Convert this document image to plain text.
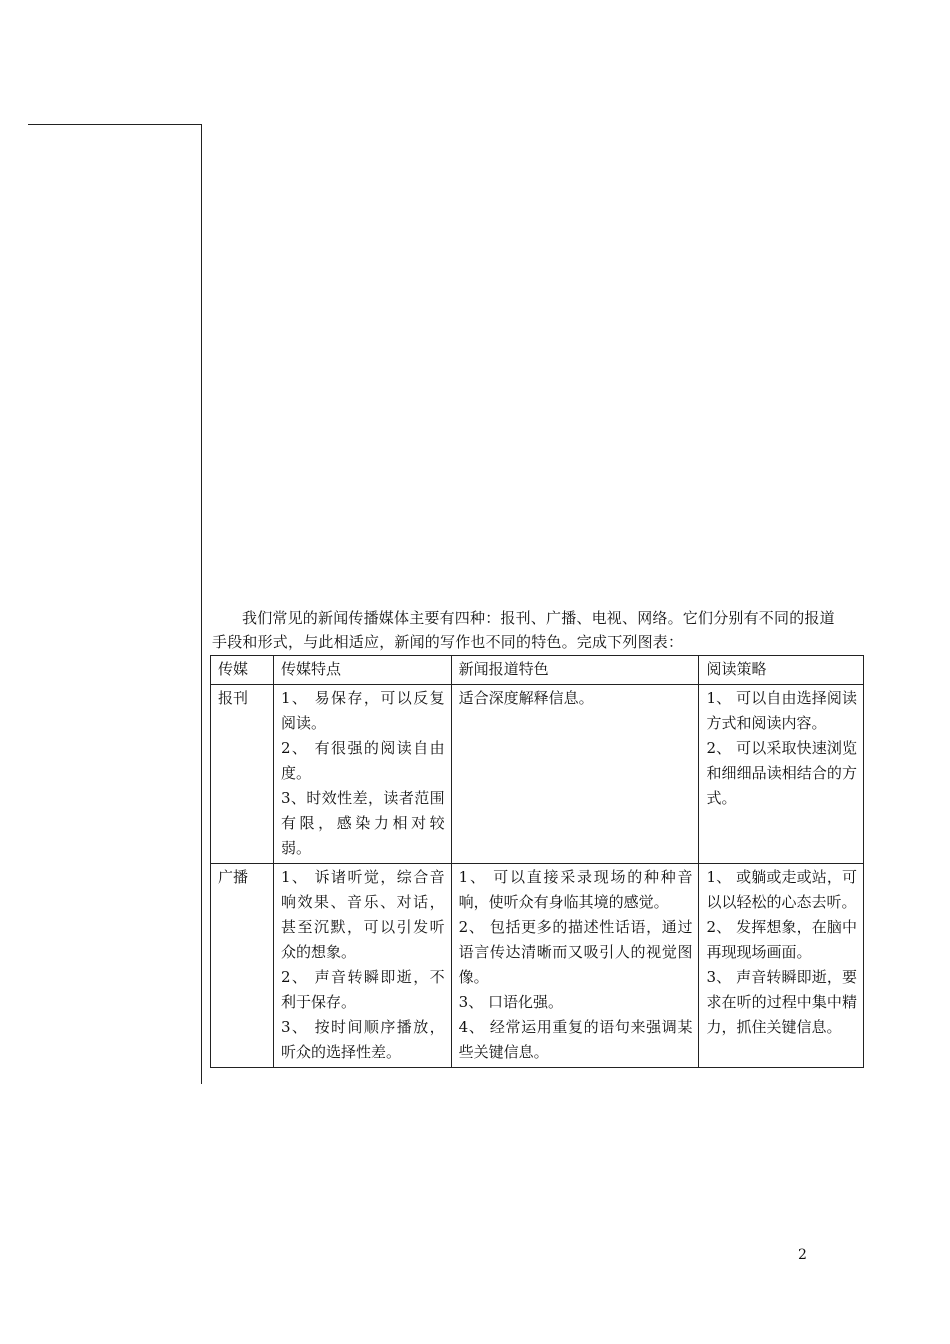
我们常见的新闻传播媒体主要有四种：报刊、广播、电视、网络。它们分别有不同的报道

手段和形式，与此相适应，新闻的写作也不同的特色。完成下列图表：

传媒	传媒特点	新闻报道特色	阅读策略
报刊	1、 易保存，可以反复阅读。
2、 有很强的阅读自由度。
3、时效性差，读者范围有限，感染力相对较弱。	适合深度解释信息。	1、 可以自由选择阅读方式和阅读内容。
2、 可以采取快速浏览和细细品读相结合的方式。

广播	1、 诉诸听觉，综合音响效果、音乐、对话，甚至沉默，可以引发听众的想象。
2、 声音转瞬即逝，不利于保存。
3、 按时间顺序播放，听众的选择性差。	1、 可以直接采录现场的种种音响，使听众有身临其境的感觉。
2、 包括更多的描述性话语，通过语言传达清晰而又吸引人的视觉图像。
3、 口语化强。
4、 经常运用重复的语句来强调某些关键信息。	1、 或躺或走或站，可以以轻松的心态去听。
2、 发挥想象，在脑中再现现场画面。
3、 声音转瞬即逝，要求在听的过程中集中精力，抓住关键信息。
2
